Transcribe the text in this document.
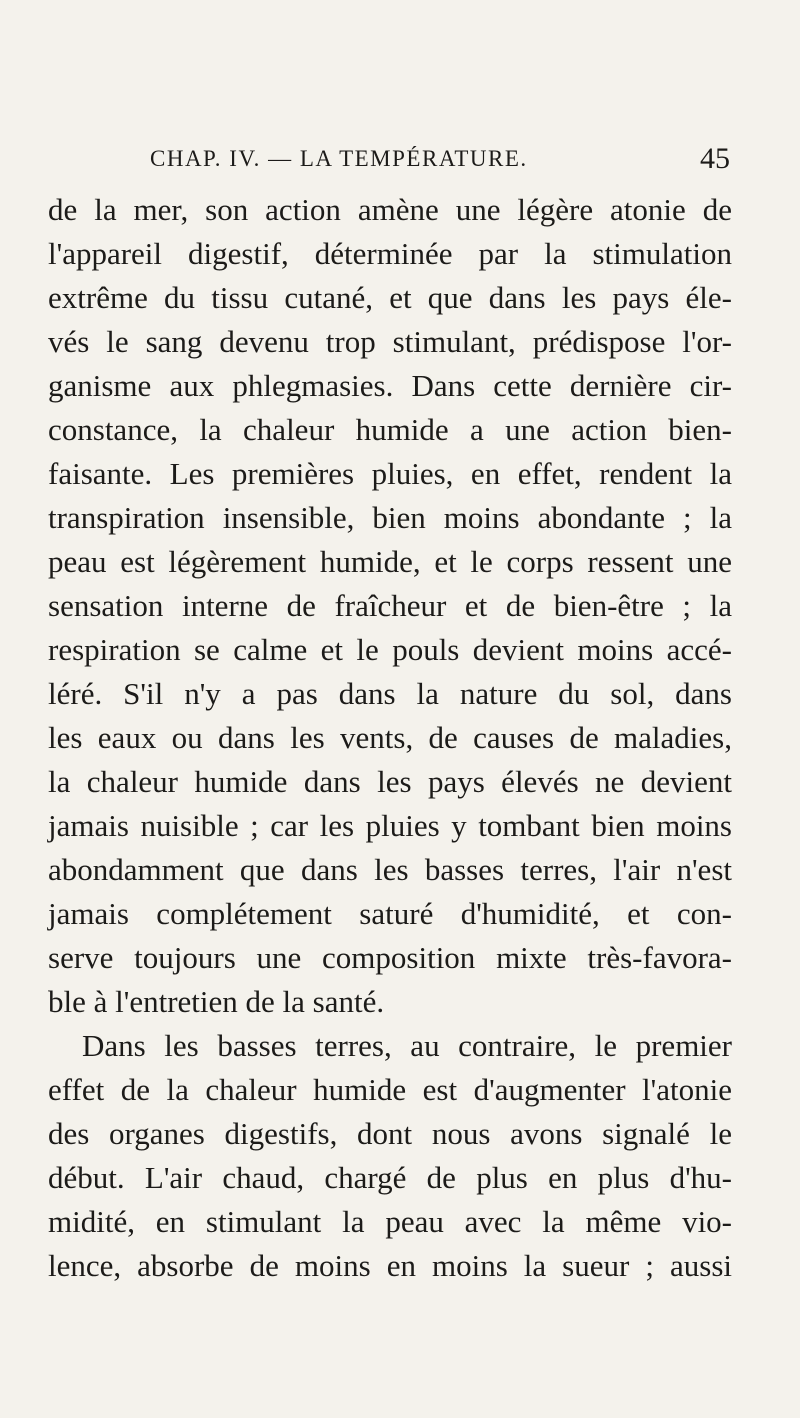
CHAP. IV. — LA TEMPÉRATURE.	45
de la mer, son action amène une légère atonie de
l'appareil digestif, déterminée par la stimulation
extrême du tissu cutané, et que dans les pays éle-
vés le sang devenu trop stimulant, prédispose l'or-
ganisme aux phlegmasies. Dans cette dernière cir-
constance, la chaleur humide a une action bien-
faisante. Les premières pluies, en effet, rendent la
transpiration insensible, bien moins abondante ; la
peau est légèrement humide, et le corps ressent une
sensation interne de fraîcheur et de bien-être ; la
respiration se calme et le pouls devient moins accé-
léré. S'il n'y a pas dans la nature du sol, dans
les eaux ou dans les vents, de causes de maladies,
la chaleur humide dans les pays élevés ne devient
jamais nuisible ; car les pluies y tombant bien moins
abondamment que dans les basses terres, l'air n'est
jamais complétement saturé d'humidité, et con-
serve toujours une composition mixte très-favora-
ble à l'entretien de la santé.
Dans les basses terres, au contraire, le premier
effet de la chaleur humide est d'augmenter l'atonie
des organes digestifs, dont nous avons signalé le
début. L'air chaud, chargé de plus en plus d'hu-
midité, en stimulant la peau avec la même vio-
lence, absorbe de moins en moins la sueur ; aussi
